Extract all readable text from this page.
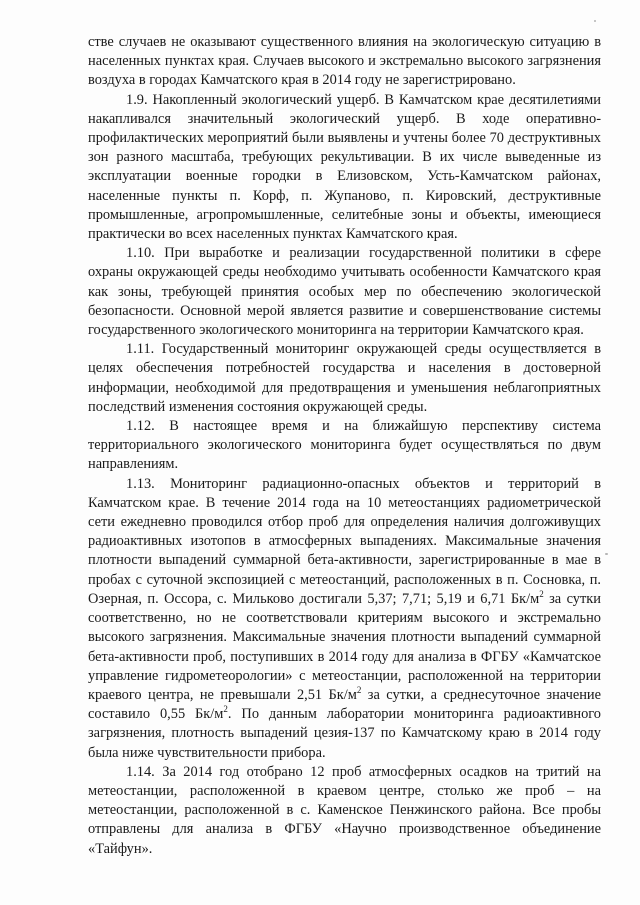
стве случаев не оказывают существенного влияния на экологическую ситуацию в населенных пунктах края. Случаев высокого и экстремально высокого загрязнения воздуха в городах Камчатского края в 2014 году не зарегистрировано.

1.9. Накопленный экологический ущерб. В Камчатском крае десятилетиями накапливался значительный экологический ущерб. В ходе оперативно-профилактических мероприятий были выявлены и учтены более 70 деструктивных зон разного масштаба, требующих рекультивации. В их числе выведенные из эксплуатации военные городки в Елизовском, Усть-Камчатском районах, населенные пункты п. Корф, п. Жупаново, п. Кировский, деструктивные промышленные, агропромышленные, селитебные зоны и объекты, имеющиеся практически во всех населенных пунктах Камчатского края.

1.10. При выработке и реализации государственной политики в сфере охраны окружающей среды необходимо учитывать особенности Камчатского края как зоны, требующей принятия особых мер по обеспечению экологической безопасности. Основной мерой является развитие и совершенствование системы государственного экологического мониторинга на территории Камчатского края.

1.11. Государственный мониторинг окружающей среды осуществляется в целях обеспечения потребностей государства и населения в достоверной информации, необходимой для предотвращения и уменьшения неблагоприятных последствий изменения состояния окружающей среды.

1.12. В настоящее время и на ближайшую перспективу система территориального экологического мониторинга будет осуществляться по двум направлениям.

1.13. Мониторинг радиационно-опасных объектов и территорий в Камчатском крае. В течение 2014 года на 10 метеостанциях радиометрической сети ежедневно проводился отбор проб для определения наличия долгоживущих радиоактивных изотопов в атмосферных выпадениях. Максимальные значения плотности выпадений суммарной бета-активности, зарегистрированные в мае в пробах с суточной экспозицией с метеостанций, расположенных в п. Сосновка, п. Озерная, п. Оссора, с. Мильково достигали 5,37; 7,71; 5,19 и 6,71 $Бк/м^2$ за сутки соответственно, но не соответствовали критериям высокого и экстремально высокого загрязнения. Максимальные значения плотности выпадений суммарной бета-активности проб, поступивших в 2014 году для анализа в ФГБУ «Камчатское управление гидрометеорологии» с метеостанции, расположенной на территории краевого центра, не превышали 2,51 $Бк/м^2$ за сутки, а среднесуточное значение составило 0,55 $Бк/м^2$. По данным лаборатории мониторинга радиоактивного загрязнения, плотность выпадений цезия-137 по Камчатскому краю в 2014 году была ниже чувствительности прибора.

1.14. За 2014 год отобрано 12 проб атмосферных осадков на тритий на метеостанции, расположенной в краевом центре, столько же проб – на метеостанции, расположенной в с. Каменское Пенжинского района. Все пробы отправлены для анализа в ФГБУ «Научно производственное объединение «Тайфун».
